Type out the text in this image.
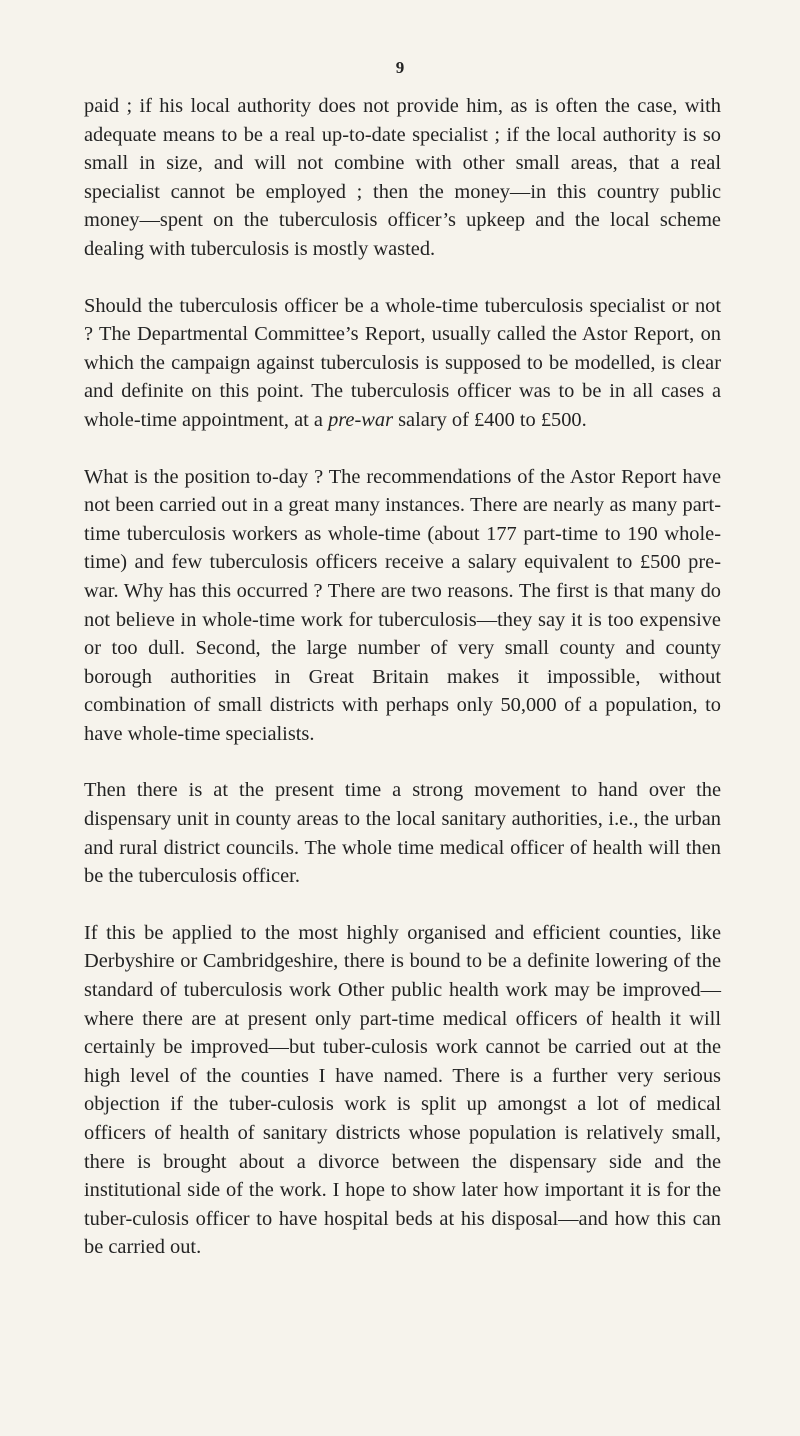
9

paid ; if his local authority does not provide him, as is often the case, with adequate means to be a real up-to-date specialist ; if the local authority is so small in size, and will not combine with other small areas, that a real specialist cannot be employed ; then the money—in this country public money—spent on the tuberculosis officer’s upkeep and the local scheme dealing with tuberculosis is mostly wasted.

Should the tuberculosis officer be a whole-time tuberculosis specialist or not ? The Departmental Committee’s Report, usually called the Astor Report, on which the campaign against tuberculosis is supposed to be modelled, is clear and definite on this point. The tuberculosis officer was to be in all cases a whole-time appointment, at a pre-war salary of £400 to £500.

What is the position to-day ? The recommendations of the Astor Report have not been carried out in a great many instances. There are nearly as many part-time tuberculosis workers as whole-time (about 177 part-time to 190 whole-time) and few tuberculosis officers receive a salary equivalent to £500 pre-war. Why has this occurred ? There are two reasons. The first is that many do not believe in whole-time work for tuberculosis—they say it is too expensive or too dull. Second, the large number of very small county and county borough authorities in Great Britain makes it impossible, without combination of small districts with perhaps only 50,000 of a population, to have whole-time specialists.

Then there is at the present time a strong movement to hand over the dispensary unit in county areas to the local sanitary authorities, i.e., the urban and rural district councils. The whole time medical officer of health will then be the tuberculosis officer.

If this be applied to the most highly organised and efficient counties, like Derbyshire or Cambridgeshire, there is bound to be a definite lowering of the standard of tuberculosis work Other public health work may be improved—where there are at present only part-time medical officers of health it will certainly be improved—but tuber-culosis work cannot be carried out at the high level of the counties I have named. There is a further very serious objection if the tuber-culosis work is split up amongst a lot of medical officers of health of sanitary districts whose population is relatively small, there is brought about a divorce between the dispensary side and the institutional side of the work. I hope to show later how important it is for the tuber-culosis officer to have hospital beds at his disposal—and how this can be carried out.
